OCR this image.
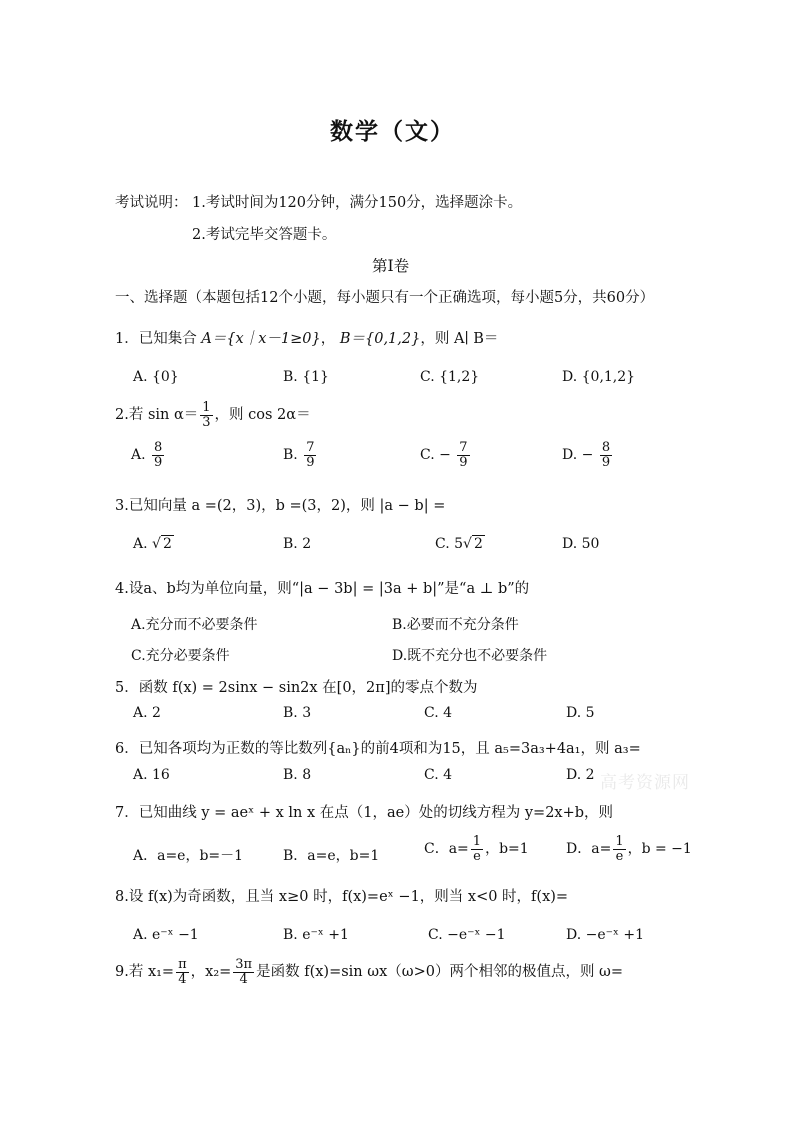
数学（文）
考试说明： 1.考试时间为120分钟，满分150分，选择题涂卡。
2.考试完毕交答题卡。
第Ⅰ卷
一、选择题（本题包括12个小题，每小题只有一个正确选项，每小题5分，共60分）
1．已知集合 A＝{x｜x－1≥0}， B＝{0,1,2}，则 A∣ B＝
A. {0}	B. {1}	C. {1,2}	D. {0,1,2}
2.若 $\sin \alpha= \frac{1}{3}$ ，则 cos 2α＝
A. $\frac{8}{9}$	B. $\frac{7}{9}$	C. − $\frac{7}{9}$	D. − $\frac{8}{9}$
3.已知向量 a =(2，3)，b =(3，2)，则 |a − b| =
A. √ 2	B. 2	C. 5√ 2	D. 50
4.设a、b均为单位向量，则“|a − 3b| = |3a + b|”是“a ⊥ b”的
A.充分而不必要条件	B.必要而不充分条件
C.充分必要条件	D.既不充分也不必要条件
5．函数 f(x) = 2sinx − sin2x 在[0，2π]的零点个数为
A. 2	B. 3	C. 4	D. 5
6．已知各项均为正数的等比数列{aₙ}的前4项和为15，且 a₅=3a₃+4a₁，则 a₃=
A. 16	B. 8	C. 4	D. 2 高考资源网
7．已知曲线 y = aeˣ + x ln x 在点（1，ae）处的切线方程为 y=2x+b，则
A．a=e，b=－1	B．a=e，b=1	C．$a= \frac{1}{e}$ ，b=1	D．$a= \frac{1}{e}$ ，b = −1
8.设 f(x)为奇函数，且当 x≥0 时，f(x)=eˣ −1，则当 x<0 时，f(x)=
A. e⁻ˣ −1	B. e⁻ˣ +1	C. −e⁻ˣ −1	D. −e⁻ˣ +1
9.若 $x_1= \frac{\pi}{4}$ ，$x_2= \frac{3\pi}{4}$ 是函数 f(x)=sin ωx（ω>0）两个相邻的极值点，则 ω=
